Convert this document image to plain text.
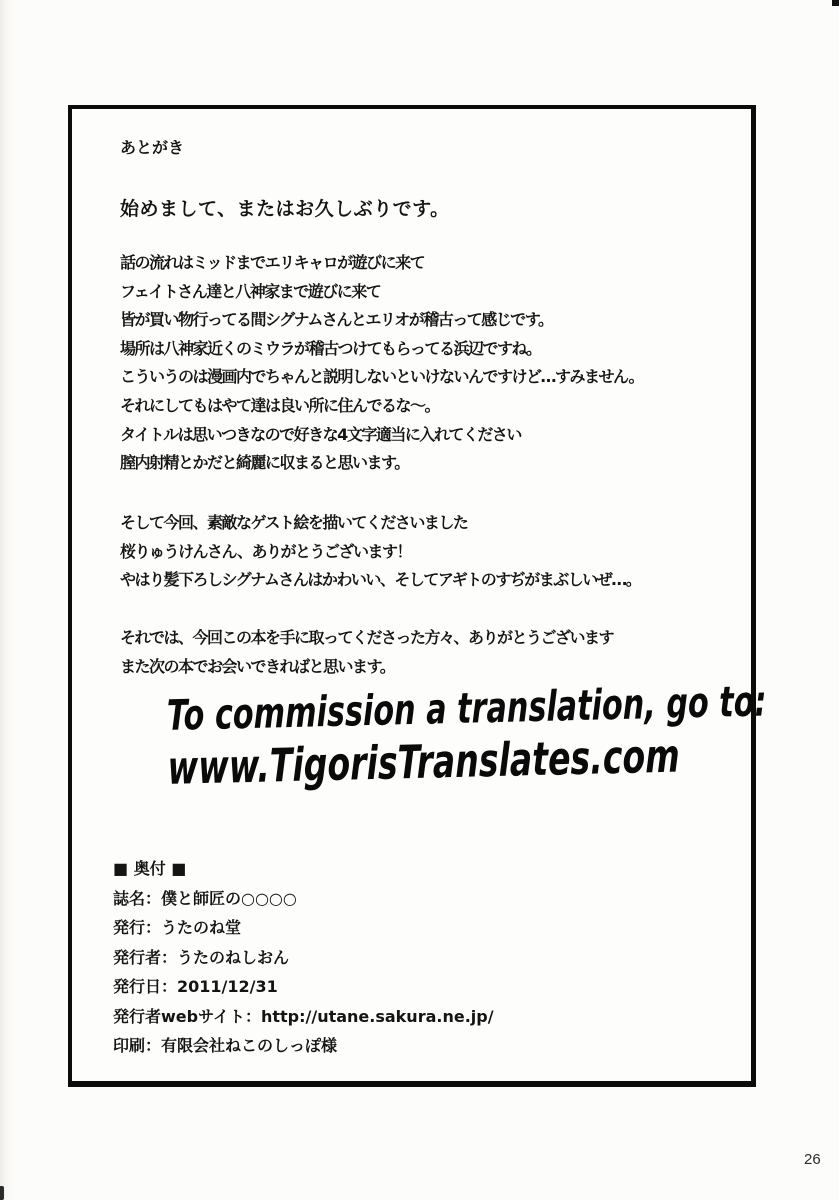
あとがき
始めまして、またはお久しぶりです。
話の流れはミッドまでエリキャロが遊びに来て
フェイトさん達と八神家まで遊びに来て
皆が買い物行ってる間シグナムさんとエリオが稽古って感じです。
場所は八神家近くのミウラが稽古つけてもらってる浜辺ですね。
こういうのは漫画内でちゃんと説明しないといけないんですけど…すみません。
それにしてもはやて達は良い所に住んでるな～。
タイトルは思いつきなので好きな4文字適当に入れてください
膣内射精とかだと綺麗に収まると思います。
そして今回、素敵なゲスト絵を描いてくださいました
桜りゅうけんさん、ありがとうございます！
やはり髪下ろしシグナムさんはかわいい、そしてアギトのすぢがまぶしいぜ…。
それでは、今回この本を手に取ってくださった方々、ありがとうございます
また次の本でお会いできればと思います。
To commission a translation, go to:
www.TigorisTranslates.com
■ 奥付 ■
誌名：僕と師匠の○○○○
発行：うたのね堂
発行者：うたのねしおん
発行日：2011/12/31
発行者webサイト：http://utane.sakura.ne.jp/
印刷：有限会社ねこのしっぽ様
26
